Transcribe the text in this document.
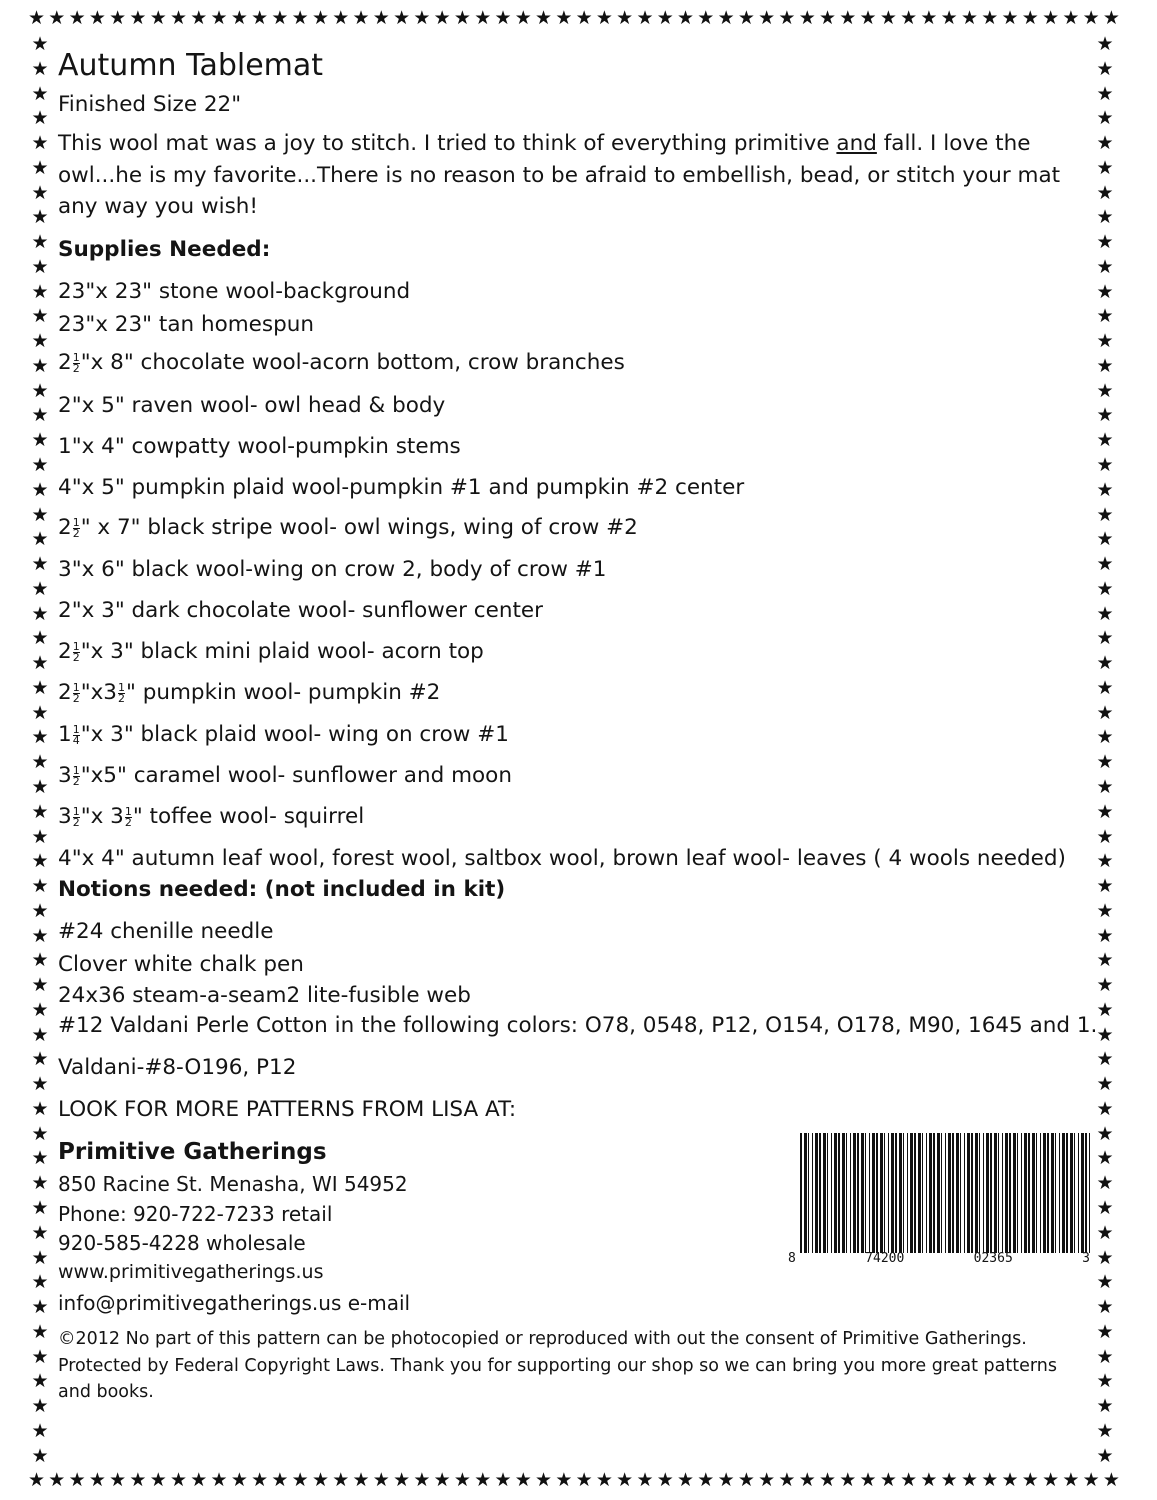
★ ★ ★ ★ ★ ★ ★ ★ ★ ★ ★ ★ ★ ★ ★ ★ ★ ★ ★ ★ ★ ★ ★ ★ ★ ★ ★ ★ ★ ★ ★ ★ ★ ★ ★ ★ ★ ★ ★ ★ ★ ★ ★ ★ ★ ★ ★ ★ ★ ★ ★ ★ ★ ★
★ ★ ★ ★ ★ ★ ★ ★ ★ ★ ★ ★ ★ ★ ★ ★ ★ ★ ★ ★ ★ ★ ★ ★ ★ ★ ★ ★ ★ ★ ★ ★ ★ ★ ★ ★ ★ ★ ★ ★ ★ ★ ★ ★ ★ ★ ★ ★ ★ ★ ★ ★ ★ ★
★
★
★
★
★
★
★
★
★
★
★
★
★
★
★
★
★
★
★
★
★
★
★
★
★
★
★
★
★
★
★
★
★
★
★
★
★
★
★
★
★
★
★
★
★
★
★
★
★
★
★
★
★
★
★
★
★
★
★
★
★
★
★
★
★
★
★
★
★
★
★
★
★
★
★
★
★
★
★
★
★
★
★
★
★
★
★
★
★
★
★
★
★
★
★
★
★
★
★
★
★
★
★
★
★
★
★
★
★
★
★
★
★
★
★
★
Autumn Tablemat
Finished Size 22"
This wool mat was a joy to stitch. I tried to think of everything primitive and fall. I love the owl...he is my favorite...There is no reason to be afraid to embellish, bead, or stitch your mat any way you wish!
Supplies Needed:
23"x 23" stone wool-background
23"x 23" tan homespun
$2 \frac{1}{2}$ "x 8" chocolate wool-acorn bottom, crow branches
2"x 5" raven wool- owl head & body
1"x 4" cowpatty wool-pumpkin stems
4"x 5" pumpkin plaid wool-pumpkin #1 and pumpkin #2 center
$2 \frac{1}{2}$ " x 7" black stripe wool- owl wings, wing of crow #2
3"x 6" black wool-wing on crow 2, body of crow #1
2"x 3" dark chocolate wool- sunflower center
$2 \frac{1}{2}$ "x 3" black mini plaid wool- acorn top
$2 \frac{1}{2}$ "$x3 \frac{1}{2}$ " pumpkin wool- pumpkin #2
$1 \frac{1}{4}$ "x 3" black plaid wool- wing on crow #1
$3 \frac{1}{2}$ "x5" caramel wool- sunflower and moon
$3 \frac{1}{2}$ "x $3 \frac{1}{2}$ " toffee wool- squirrel
4"x 4" autumn leaf wool, forest wool, saltbox wool, brown leaf wool- leaves ( 4 wools needed)
Notions needed: (not included in kit)
#24 chenille needle
Clover white chalk pen
24x36 steam-a-seam2 lite-fusible web
#12 Valdani Perle Cotton in the following colors: O78, 0548, P12, O154, O178, M90, 1645 and 1.
Valdani-#8-O196, P12
LOOK FOR MORE PATTERNS FROM LISA AT:
Primitive Gatherings
850 Racine St. Menasha, WI 54952
Phone: 920-722-7233 retail
920-585-4228 wholesale
www.primitivegatherings.us
info@primitivegatherings.us e-mail
©2012 No part of this pattern can be photocopied or reproduced with out the consent of Primitive Gatherings. Protected by Federal Copyright Laws. Thank you for supporting our shop so we can bring you more great patterns and books.
8	74200	02365	3
